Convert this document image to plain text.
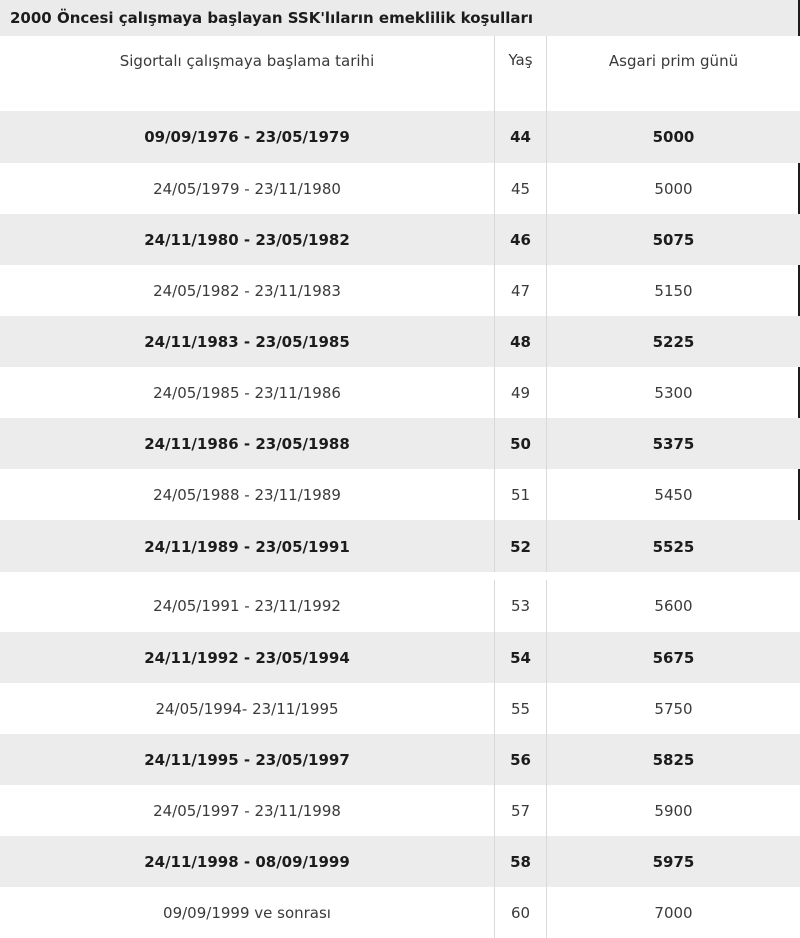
2000 Öncesi çalışmaya başlayan SSK'lıların emeklilik koşulları
Sigortalı çalışmaya başlama tarihi	Yaş	Asgari prim günü
09/09/1976 - 23/05/1979	44	5000
24/05/1979 - 23/11/1980	45	5000
24/11/1980 - 23/05/1982	46	5075
24/05/1982 - 23/11/1983	47	5150
24/11/1983 - 23/05/1985	48	5225
24/05/1985 - 23/11/1986	49	5300
24/11/1986 - 23/05/1988	50	5375
24/05/1988 - 23/11/1989	51	5450
24/11/1989 - 23/05/1991	52	5525
24/05/1991 - 23/11/1992	53	5600
24/11/1992 - 23/05/1994	54	5675
24/05/1994- 23/11/1995	55	5750
24/11/1995 - 23/05/1997	56	5825
24/05/1997 - 23/11/1998	57	5900
24/11/1998 - 08/09/1999	58	5975
09/09/1999 ve sonrası	60	7000
